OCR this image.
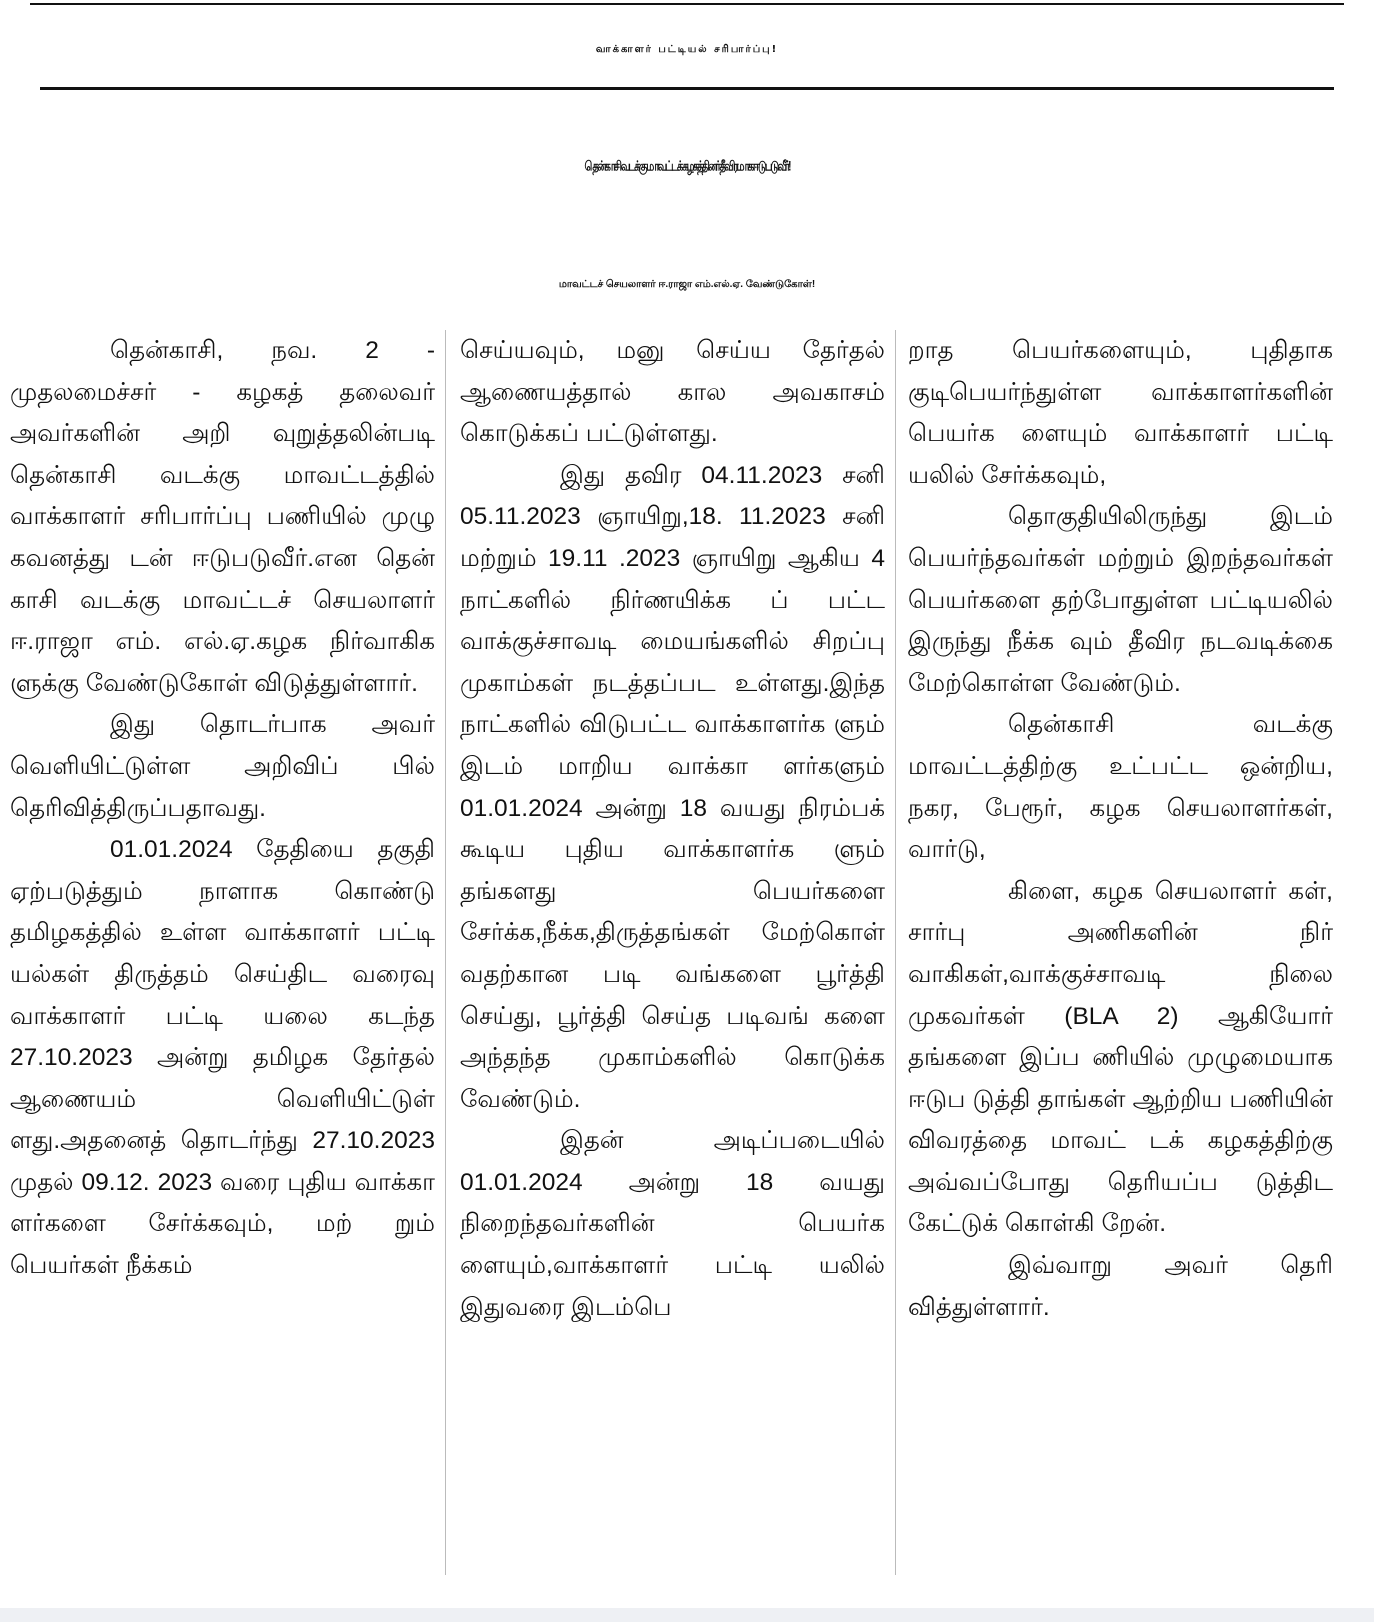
வாக்காளர் பட்டியல் சரிபார்ப்பு!
தென்காசி வடக்கு மாவட்டக் கழகத்தினர் தீவிரமாக ஈடுபடுவீர்!
மாவட்டச் செயலாளர் ஈ.ராஜா எம்.எல்.ஏ. வேண்டுகோள்!

தென்காசி, நவ. 2 - முதலமைச்சர் - கழகத் தலைவர் அவர்களின் அறி வுறுத்தலின்படி தென்காசி வடக்கு மாவட்டத்தில் வாக்காளர் சரிபார்ப்பு பணியில் முழு கவனத்து டன் ஈடுபடுவீர்.என தென் காசி வடக்கு மாவட்டச் செயலாளர் ஈ.ராஜா எம். எல்.ஏ.கழக நிர்வாகிக ளுக்கு வேண்டுகோள் விடுத்துள்ளார்.

இது தொடர்பாக அவர் வெளியிட்டுள்ள அறிவிப் பில் தெரிவித்திருப்பதாவது.

01.01.2024 தேதியை தகுதி ஏற்படுத்தும் நாளாக கொண்டு தமிழகத்தில் உள்ள வாக்காளர் பட்டி யல்கள் திருத்தம் செய்திட வரைவு வாக்காளர் பட்டி யலை கடந்த 27.10.2023 அன்று தமிழக தேர்தல் ஆணையம் வெளியிட்டுள் ளது.அதனைத் தொடர்ந்து 27.10.2023 முதல் 09.12. 2023 வரை புதிய வாக்கா ளர்களை சேர்க்கவும், மற் றும் பெயர்கள் நீக்கம்

செய்யவும், மனு செய்ய தேர்தல் ஆணையத்தால் கால அவகாசம் கொடுக்கப் பட்டுள்ளது.

இது தவிர 04.11.2023 சனி 05.11.2023 ஞாயிறு,18. 11.2023 சனி மற்றும் 19.11 .2023 ஞாயிறு ஆகிய 4 நாட்களில் நிர்ணயிக்க ப் பட்ட வாக்குச்சாவடி மையங்களில் சிறப்பு முகாம்கள் நடத்தப்பட உள்ளது.இந்த நாட்களில் விடுபட்ட வாக்காளர்க ளும் இடம் மாறிய வாக்கா ளர்களும் 01.01.2024 அன்று 18 வயது நிரம்பக் கூடிய புதிய வாக்காளர்க ளும் தங்களது பெயர்களை சேர்க்க,நீக்க,திருத்தங்கள் மேற்கொள் வதற்கான படி வங்களை பூர்த்தி செய்து, பூர்த்தி செய்த படிவங் களை அந்தந்த முகாம்களில் கொடுக்க வேண்டும்.

இதன் அடிப்படையில் 01.01.2024 அன்று 18 வயது நிறைந்தவர்களின் பெயர்க ளையும்,வாக்காளர் பட்டி யலில் இதுவரை இடம்பெ

றாத பெயர்களையும், புதிதாக குடிபெயர்ந்துள்ள வாக்காளர்களின் பெயர்க ளையும் வாக்காளர் பட்டி யலில் சேர்க்கவும்,

தொகுதியிலிருந்து இடம் பெயர்ந்தவர்கள் மற்றும் இறந்தவர்கள் பெயர்களை தற்போதுள்ள பட்டியலில் இருந்து நீக்க வும் தீவிர நடவடிக்கை மேற்கொள்ள வேண்டும்.

தென்காசி வடக்கு மாவட்டத்திற்கு உட்பட்ட ஒன்றிய, நகர, பேரூர், கழக செயலாளர்கள், வார்டு,

கிளை, கழக செயலாளர் கள், சார்பு அணிகளின் நிர் வாகிகள்,வாக்குச்சாவடி நிலை முகவர்கள் (BLA 2) ஆகியோர் தங்களை இப்ப ணியில் முழுமையாக ஈடுப டுத்தி தாங்கள் ஆற்றிய பணியின் விவரத்தை மாவட் டக் கழகத்திற்கு அவ்வப்போது தெரியப்ப டுத்திட கேட்டுக் கொள்கி றேன்.

இவ்வாறு அவர் தெரி வித்துள்ளார்.
